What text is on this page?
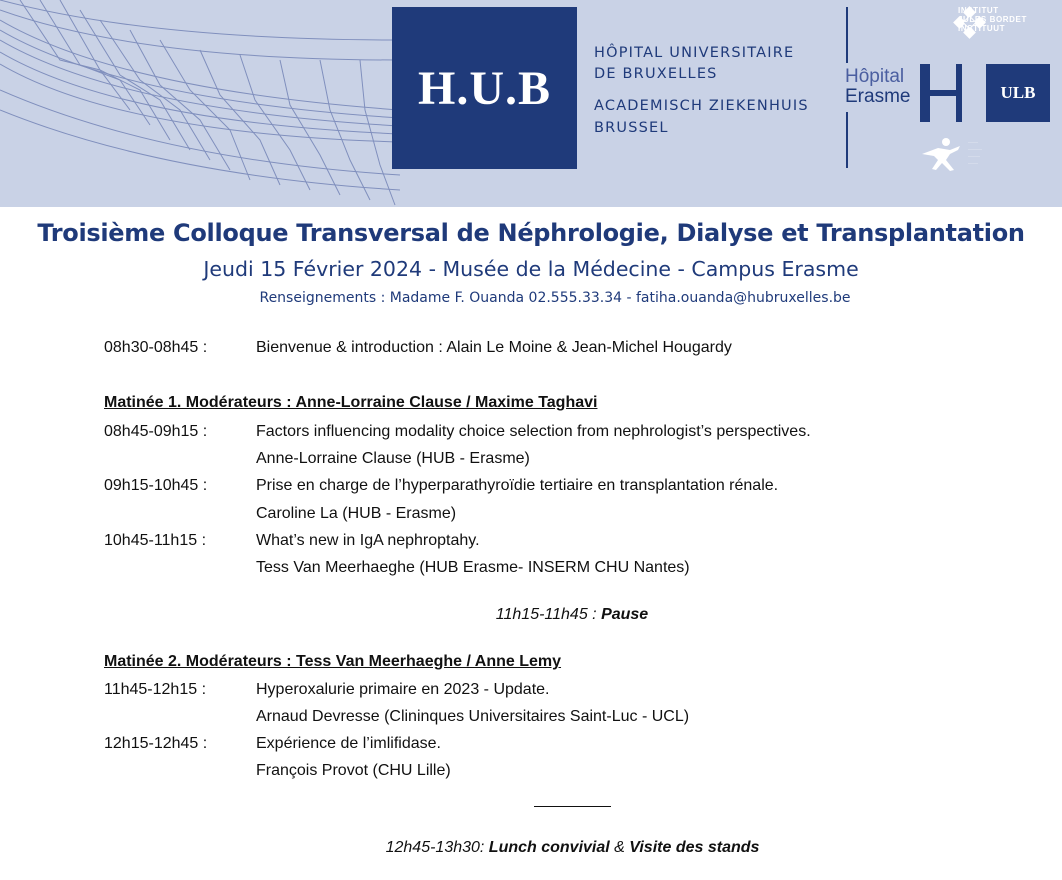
H.U.B
HÔPITAL UNIVERSITAIRE
DE BRUXELLES
ACADEMISCH ZIEKENHUIS
BRUSSEL
INSTITUT
JULES BORDET
INSTITUUT
Hôpital
Erasme	ULB
·····
·······
······
·····
Troisième Colloque Transversal de Néphrologie, Dialyse et Transplantation
Jeudi 15 Février 2024 - Musée de la Médecine - Campus Erasme
Renseignements : Madame F. Ouanda 02.555.33.34 - fatiha.ouanda@hubruxelles.be
08h30-08h45 :	Bienvenue & introduction : Alain Le Moine & Jean-Michel Hougardy
Matinée 1. Modérateurs : Anne-Lorraine Clause / Maxime Taghavi
08h45-09h15 :	Factors influencing modality choice selection from nephrologist’s perspectives.
Anne-Lorraine Clause (HUB - Erasme)
09h15-10h45 :	Prise en charge de l’hyperparathyroïdie tertiaire en transplantation rénale.
Caroline La (HUB - Erasme)
10h45-11h15 :	What’s new in IgA nephroptahy.
Tess Van Meerhaeghe (HUB Erasme- INSERM CHU Nantes)
11h15-11h45 : Pause
Matinée 2. Modérateurs : Tess Van Meerhaeghe / Anne Lemy
11h45-12h15 :	Hyperoxalurie primaire en 2023 - Update.
Arnaud Devresse (Clininques Universitaires Saint-Luc - UCL)
12h15-12h45 :	Expérience de l’imlifidase.
François Provot (CHU Lille)
12h45-13h30: Lunch convivial & Visite des stands
